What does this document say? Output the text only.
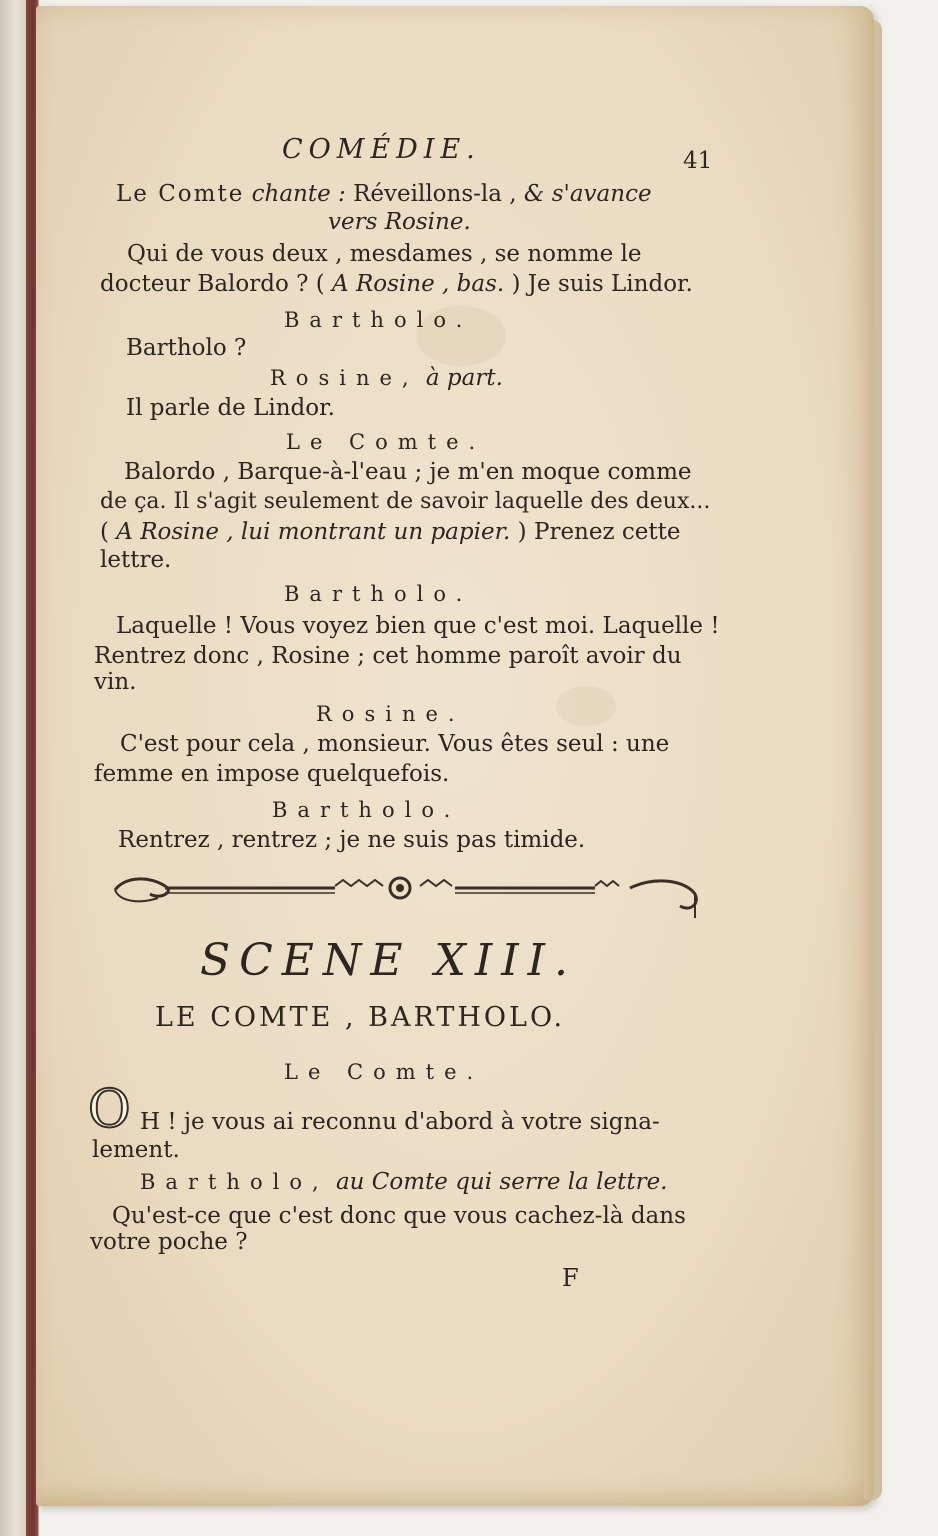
COMÉDIE.	41
Le Comte chante : Réveillons-la , & s'avance
vers Rosine.
Qui de vous deux , mesdames , se nomme le
docteur Balordo ? ( A Rosine , bas. ) Je suis Lindor.
Bartholo.
Bartholo ?
Rosine, à part.
Il parle de Lindor.
Le Comte.
Balordo , Barque-à-l'eau ; je m'en moque comme
de ça. Il s'agit seulement de savoir laquelle des deux...
( A Rosine , lui montrant un papier. ) Prenez cette
lettre.
Bartholo.
Laquelle ! Vous voyez bien que c'est moi. Laquelle !
Rentrez donc , Rosine ; cet homme paroît avoir du
vin.
Rosine.
C'est pour cela , monsieur. Vous êtes seul : une
femme en impose quelquefois.
Bartholo.
Rentrez , rentrez ; je ne suis pas timide.
SCENE XIII.
LE COMTE , BARTHOLO.
Le Comte.
O H ! je vous ai reconnu d'abord à votre signa-
lement.
Bartholo, au Comte qui serre la lettre.
Qu'est-ce que c'est donc que vous cachez-là dans
votre poche ?
F
